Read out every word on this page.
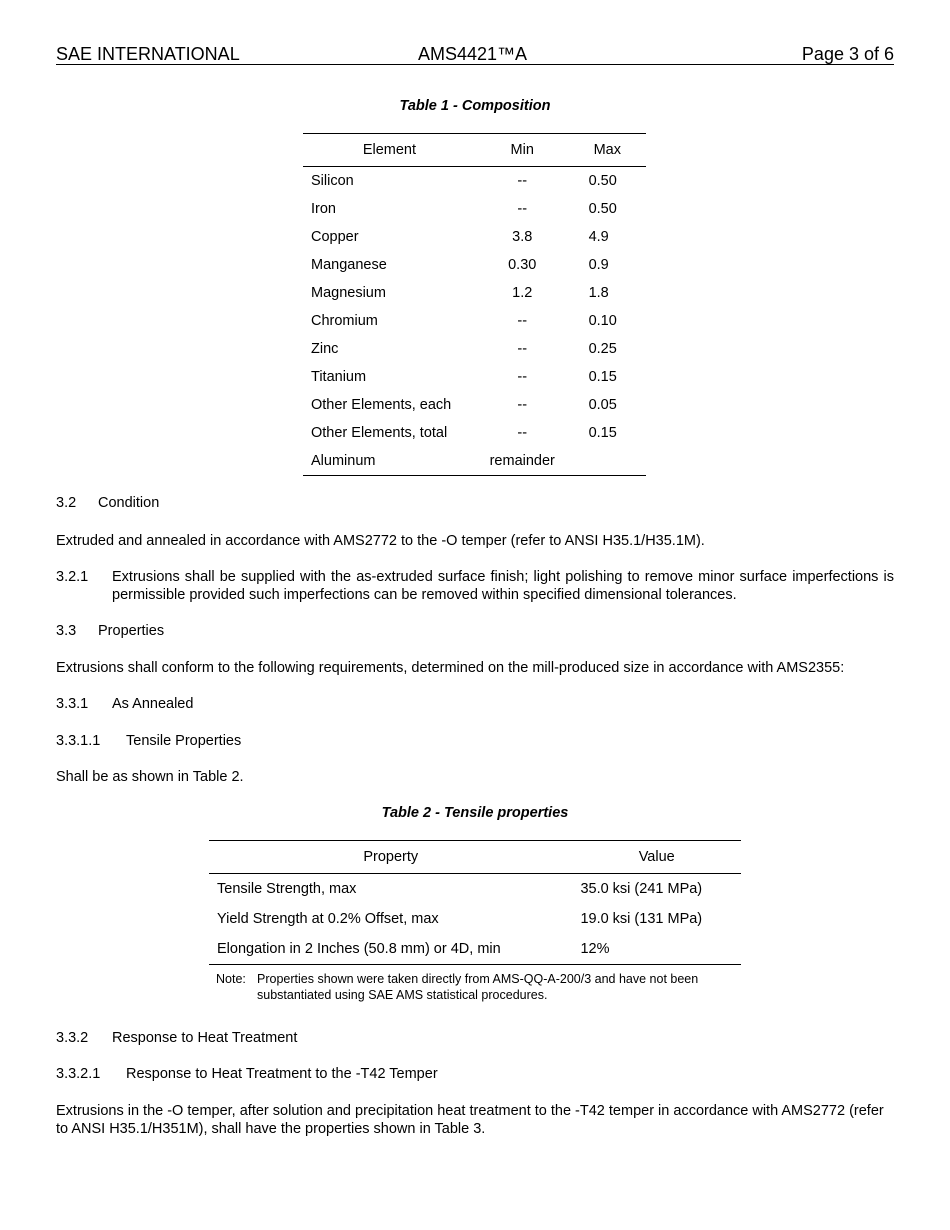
SAE INTERNATIONAL	AMS4421™A	Page 3 of 6
Table 1 - Composition
Element	Min	Max
Silicon	--	0.50
Iron	--	0.50
Copper	3.8	4.9
Manganese	0.30	0.9
Magnesium	1.2	1.8
Chromium	--	0.10
Zinc	--	0.25
Titanium	--	0.15
Other Elements, each	--	0.05
Other Elements, total	--	0.15
Aluminum	remainder	
3.2 Condition
Extruded and annealed in accordance with AMS2772 to the -O temper (refer to ANSI H35.1/H35.1M).
3.2.1 Extrusions shall be supplied with the as-extruded surface finish; light polishing to remove minor surface imperfections is permissible provided such imperfections can be removed within specified dimensional tolerances.
3.3 Properties
Extrusions shall conform to the following requirements, determined on the mill-produced size in accordance with AMS2355:
3.3.1 As Annealed
3.3.1.1 Tensile Properties
Shall be as shown in Table 2.
Table 2 - Tensile properties
Property	Value
Tensile Strength, max	35.0 ksi (241 MPa)
Yield Strength at 0.2% Offset, max	19.0 ksi (131 MPa)
Elongation in 2 Inches (50.8 mm) or 4D, min	12%
Note: Properties shown were taken directly from AMS-QQ-A-200/3 and have not been substantiated using SAE AMS statistical procedures.
3.3.2 Response to Heat Treatment
3.3.2.1 Response to Heat Treatment to the -T42 Temper
Extrusions in the -O temper, after solution and precipitation heat treatment to the -T42 temper in accordance with AMS2772 (refer to ANSI H35.1/H351M), shall have the properties shown in Table 3.
